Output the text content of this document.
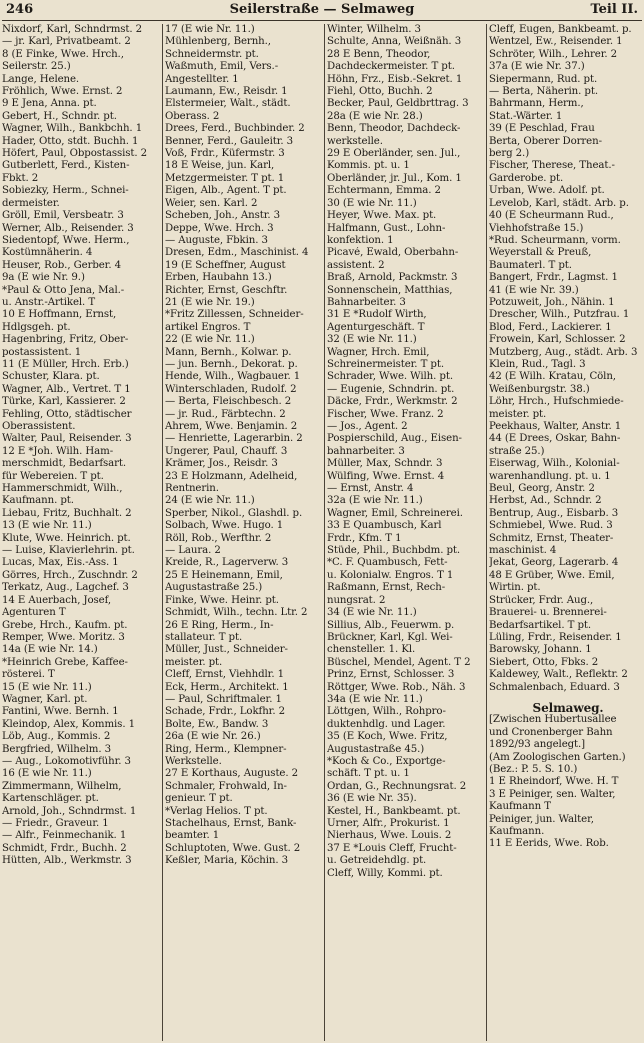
246	Seilerstraße — Selmaweg	Teil II.
Nixdorf, Karl, Schndrmst. 2
— jr. Karl, Privatbeamt. 2
8 (E Finke, Wwe. Hrch.,
Seilerstr. 25.)
Lange, Helene.
Fröhlich, Wwe. Ernst. 2
9 E Jena, Anna. pt.
Gebert, H., Schndr. pt.
Wagner, Wilh., Bankbchh. 1
Hader, Otto, stdt. Buchh. 1
Höfert, Paul, Obpostassist. 2
Gutberlett, Ferd., Kisten-
Fbkt. 2
Sobiezky, Herm., Schnei-
dermeister.
Gröll, Emil, Versbeatr. 3
Werner, Alb., Reisender. 3
Siedentopf, Wwe. Herm.,
Kostümnäherin. 4
Heuser, Rob., Gerber. 4
9a (E wie Nr. 9.)
*Paul & Otto Jena, Mal.-
u. Anstr.-Artikel. T
10 E Hoffmann, Ernst,
Hdlgsgeh. pt.
Hagenbring, Fritz, Ober-
postassistent. 1
11 (E Müller, Hrch. Erb.)
Schuster, Klara. pt.
Wagner, Alb., Vertret. T 1
Türke, Karl, Kassierer. 2
Fehling, Otto, städtischer
Oberassistent.
Walter, Paul, Reisender. 3
12 E *Joh. Wilh. Ham-
merschmidt, Bedarfsart.
für Webereien. T pt.
Hammerschmidt, Wilh.,
Kaufmann. pt.
Liebau, Fritz, Buchhalt. 2
13 (E wie Nr. 11.)
Klute, Wwe. Heinrich. pt.
— Luise, Klavierlehrin. pt.
Lucas, Max, Eis.-Ass. 1
Görres, Hrch., Zuschndr. 2
Terkatz, Aug., Lagchef. 3
14 E Auerbach, Josef,
Agenturen T
Grebe, Hrch., Kaufm. pt.
Remper, Wwe. Moritz. 3
14a (E wie Nr. 14.)
*Heinrich Grebe, Kaffee-
rösterei. T
15 (E wie Nr. 11.)
Wagner, Karl. pt.
Fantini, Wwe. Bernh. 1
Kleindop, Alex, Kommis. 1
Löb, Aug., Kommis. 2
Bergfried, Wilhelm. 3
— Aug., Lokomotivführ. 3
16 (E wie Nr. 11.)
Zimmermann, Wilhelm,
Kartenschläger. pt.
Arnold, Joh., Schndrmst. 1
— Friedr., Graveur. 1
— Alfr., Feinmechanik. 1
Schmidt, Frdr., Buchh. 2
Hütten, Alb., Werkmstr. 3
17 (E wie Nr. 11.)
Mühlenberg, Bernh.,
Schneidermstr. pt.
Waßmuth, Emil, Vers.-
Angestellter. 1
Laumann, Ew., Reisdr. 1
Elstermeier, Walt., städt.
Oberass. 2
Drees, Ferd., Buchbinder. 2
Benner, Ferd., Gauleitr. 3
Voß, Frdr., Küfermstr. 3
18 E Weise, jun. Karl,
Metzgermeister. T pt. 1
Eigen, Alb., Agent. T pt.
Weier, sen. Karl. 2
Scheben, Joh., Anstr. 3
Deppe, Wwe. Hrch. 3
— Auguste, Fbkin. 3
Dresen, Edm., Maschinist. 4
19 (E Scheffner, August
Erben, Haubahn 13.)
Richter, Ernst, Geschftr.
21 (E wie Nr. 19.)
*Fritz Zillessen, Schneider-
artikel Engros. T
22 (E wie Nr. 11.)
Mann, Bernh., Kolwar. p.
— jun. Bernh., Dekorat. p.
Hende, Wilh., Wagbauer. 1
Winterschladen, Rudolf. 2
— Berta, Fleischbesch. 2
— jr. Rud., Färbtechn. 2
Ahrem, Wwe. Benjamin. 2
— Henriette, Lagerarbin. 2
Ungerer, Paul, Chauff. 3
Krämer, Jos., Reisdr. 3
23 E Holzmann, Adelheid,
Rentnerin.
24 (E wie Nr. 11.)
Sperber, Nikol., Glashdl. p.
Solbach, Wwe. Hugo. 1
Röll, Rob., Werfthr. 2
— Laura. 2
Kreide, R., Lagerverw. 3
25 E Heinemann, Emil,
Augustastraße 25.)
Finke, Wwe. Heinr. pt.
Schmidt, Wilh., techn. Ltr. 2
26 E Ring, Herm., In-
stallateur. T pt.
Müller, Just., Schneider-
meister. pt.
Cleff, Ernst, Viehhdlr. 1
Eck, Herm., Architekt. 1
— Paul, Schriftmaler. 1
Schade, Frdr., Lokfhr. 2
Bolte, Ew., Bandw. 3
26a (E wie Nr. 26.)
Ring, Herm., Klempner-
Werkstelle.
27 E Korthaus, Auguste. 2
Schmaler, Frohwald, In-
genieur. T pt.
*Verlag Helios. T pt.
Stachelhaus, Ernst, Bank-
beamter. 1
Schluptoten, Wwe. Gust. 2
Keßler, Maria, Köchin. 3
Winter, Wilhelm. 3
Schulte, Anna, Weißnäh. 3
28 E Benn, Theodor,
Dachdeckermeister. T pt.
Höhn, Frz., Eisb.-Sekret. 1
Fiehl, Otto, Buchh. 2
Becker, Paul, Geldbrttrag. 3
28a (E wie Nr. 28.)
Benn, Theodor, Dachdeck-
werkstelle.
29 E Oberländer, sen. Jul.,
Kommis. pt. u. 1
Oberländer, jr. Jul., Kom. 1
Echtermann, Emma. 2
30 (E wie Nr. 11.)
Heyer, Wwe. Max. pt.
Halfmann, Gust., Lohn-
konfektion. 1
Picavé, Ewald, Oberbahn-
assistent. 2
Braß, Arnold, Packmstr. 3
Sonnenschein, Matthias,
Bahnarbeiter. 3
31 E *Rudolf Wirth,
Agenturgeschäft. T
32 (E wie Nr. 11.)
Wagner, Hrch. Emil,
Schreinermeister. T pt.
Schrader, Wwe. Wilh. pt.
— Eugenie, Schndrin. pt.
Däcke, Frdr., Werkmstr. 2
Fischer, Wwe. Franz. 2
— Jos., Agent. 2
Pospierschild, Aug., Eisen-
bahnarbeiter. 3
Müller, Max, Schndr. 3
Wülfing, Wwe. Ernst. 4
— Ernst, Anstr. 4
32a (E wie Nr. 11.)
Wagner, Emil, Schreinerei.
33 E Quambusch, Karl
Frdr., Kfm. T 1
Stüde, Phil., Buchbdm. pt.
*C. F. Quambusch, Fett-
u. Kolonialw. Engros. T 1
Raßmann, Ernst, Rech-
nungsrat. 2
34 (E wie Nr. 11.)
Sillius, Alb., Feuerwm. p.
Brückner, Karl, Kgl. Wei-
chensteller. 1. Kl.
Büschel, Mendel, Agent. T 2
Prinz, Ernst, Schlosser. 3
Röttger, Wwe. Rob., Näh. 3
34a (E wie Nr. 11.)
Löttgen, Wilh., Rohpro-
duktenhdlg. und Lager.
35 (E Koch, Wwe. Fritz,
Augustastraße 45.)
*Koch & Co., Exportge-
schäft. T pt. u. 1
Ordan, G., Rechnungsrat. 2
36 (E wie Nr. 35).
Kestel, H., Bankbeamt. pt.
Urner, Alfr., Prokurist. 1
Nierhaus, Wwe. Louis. 2
37 E *Louis Cleff, Frucht-
u. Getreidehdlg. pt.
Cleff, Willy, Kommi. pt.
Cleff, Eugen, Bankbeamt. p.
Wentzel, Ew., Reisender. 1
Schröter, Wilh., Lehrer. 2
37a (E wie Nr. 37.)
Siepermann, Rud. pt.
— Berta, Näherin. pt.
Bahrmann, Herm.,
Stat.-Wärter. 1
39 (E Peschlad, Frau
Berta, Oberer Dorren-
berg 2.)
Fischer, Therese, Theat.-
Garderobe. pt.
Urban, Wwe. Adolf. pt.
Levelob, Karl, städt. Arb. p.
40 (E Scheurmann Rud.,
Viehhofstraße 15.)
*Rud. Scheurmann, vorm.
Weyerstall & Preuß,
Baumaterl. T pt.
Bangert, Frdr., Lagmst. 1
41 (E wie Nr. 39.)
Potzuweit, Joh., Nähin. 1
Drescher, Wilh., Putzfrau. 1
Blod, Ferd., Lackierer. 1
Frowein, Karl, Schlosser. 2
Mutzberg, Aug., städt. Arb. 3
Klein, Rud., Tagl. 3
42 (E Wilh. Kratau, Cöln,
Weißenburgstr. 38.)
Löhr, Hrch., Hufschmiede-
meister. pt.
Peekhaus, Walter, Anstr. 1
44 (E Drees, Oskar, Bahn-
straße 25.)
Eiserwag, Wilh., Kolonial-
warenhandlung. pt. u. 1
Beul, Georg, Anstr. 2
Herbst, Ad., Schndr. 2
Bentrup, Aug., Eisbarb. 3
Schmiebel, Wwe. Rud. 3
Schmitz, Ernst, Theater-
maschinist. 4
Jekat, Georg, Lagerarb. 4
48 E Grüber, Wwe. Emil,
Wirtin. pt.
Strücker, Frdr. Aug.,
Brauerei- u. Brennerei-
Bedarfsartikel. T pt.
Lüling, Frdr., Reisender. 1
Barowsky, Johann. 1
Siebert, Otto, Fbks. 2
Kaldewey, Walt., Reflektr. 2
Schmalenbach, Eduard. 3
Selmaweg.
[Zwischen Hubertusallee
und Cronenberger Bahn
1892/93 angelegt.]
(Am Zoologischen Garten.)
(Bez.: P. 5. S. 10.)
1 E Rheindorf, Wwe. H. T
3 E Peiniger, sen. Walter,
Kaufmann T
Peiniger, jun. Walter,
Kaufmann.
11 E Eerids, Wwe. Rob.
